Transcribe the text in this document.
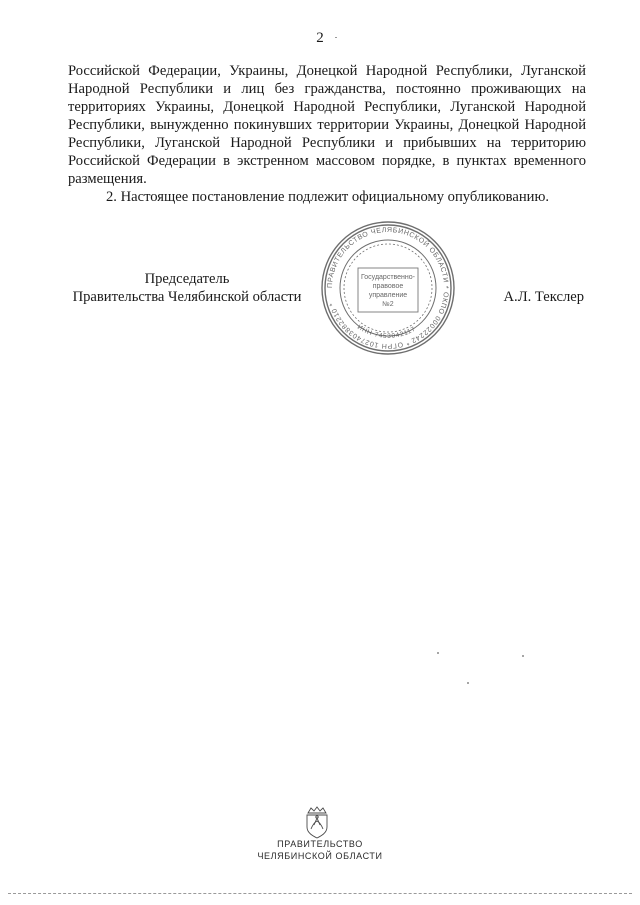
2

Российской Федерации, Украины, Донецкой Народной Республики, Луганской Народной Республики и лиц без гражданства, постоянно проживающих на территориях Украины, Донецкой Народной Республики, Луганской Народной Республики, вынужденно покинувших территории Украины, Донецкой Народной Республики, Луганской Народной Республики и прибывших на территорию Российской Федерации в экстренном массовом порядке, в пунктах временного размещения.

2. Настоящее постановление подлежит официальному опубликованию.

Председатель
Правительства Челябинской области
ПРАВИТЕЛЬСТВО ЧЕЛЯБИНСКОЙ ОБЛАСТИ * ОКПО 00022242 * ОГРН 1027403882210 *
ИНН 7453042117
Государственно-
правовое
управление
№2	А.Л. Текслер
ПРАВИТЕЛЬСТВО
ЧЕЛЯБИНСКОЙ ОБЛАСТИ
